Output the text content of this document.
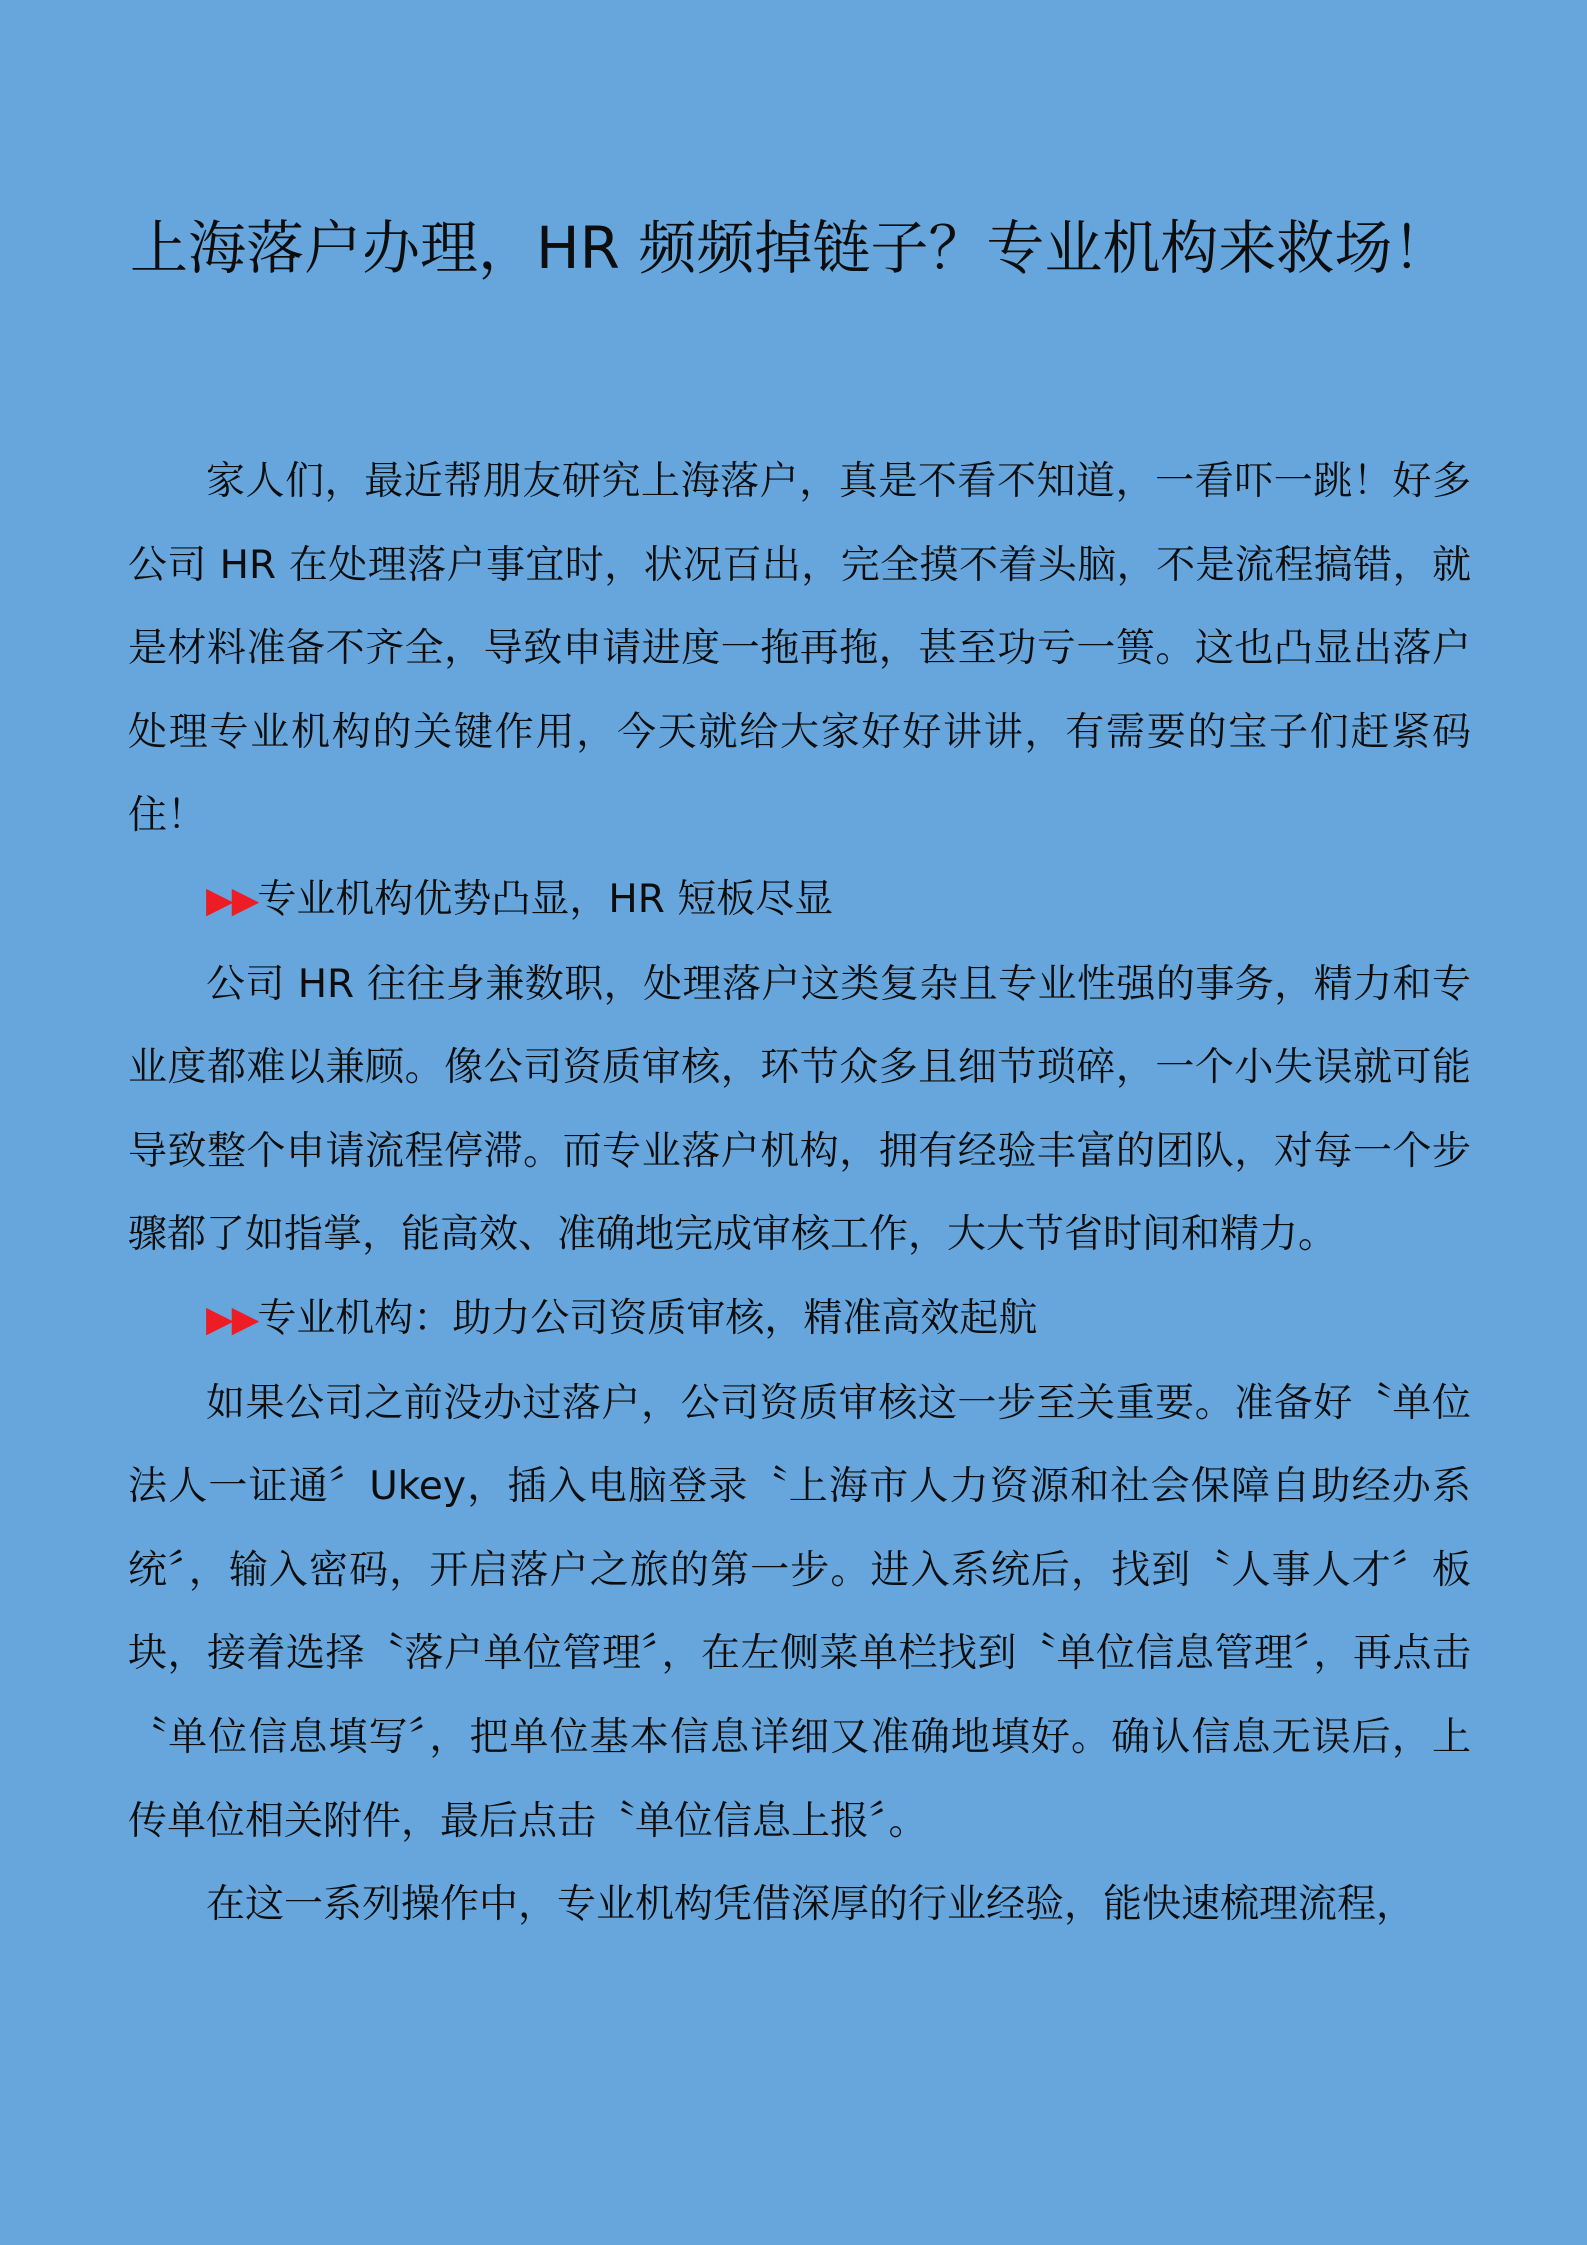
上海落户办理，HR 频频掉链子？专业机构来救场！

家人们，最近帮朋友研究上海落户，真是不看不知道，一看吓一跳！好多公司 HR 在处理落户事宜时，状况百出，完全摸不着头脑，不是流程搞错，就是材料准备不齐全，导致申请进度一拖再拖，甚至功亏一篑。这也凸显出落户处理专业机构的关键作用，今天就给大家好好讲讲，有需要的宝子们赶紧码住！

▶▶专业机构优势凸显，HR 短板尽显

公司 HR 往往身兼数职，处理落户这类复杂且专业性强的事务，精力和专业度都难以兼顾。像公司资质审核，环节众多且细节琐碎，一个小失误就可能导致整个申请流程停滞。而专业落户机构，拥有经验丰富的团队，对每一个步骤都了如指掌，能高效、准确地完成审核工作，大大节省时间和精力。

▶▶专业机构：助力公司资质审核，精准高效起航

如果公司之前没办过落户，公司资质审核这一步至关重要。准备好〝单位法人一证通〞Ukey，插入电脑登录〝上海市人力资源和社会保障自助经办系统〞，输入密码，开启落户之旅的第一步。进入系统后，找到〝人事人才〞板块，接着选择〝落户单位管理〞，在左侧菜单栏找到〝单位信息管理〞，再点击〝单位信息填写〞，把单位基本信息详细又准确地填好。确认信息无误后，上传单位相关附件，最后点击〝单位信息上报〞。

在这一系列操作中，专业机构凭借深厚的行业经验，能快速梳理流程，
